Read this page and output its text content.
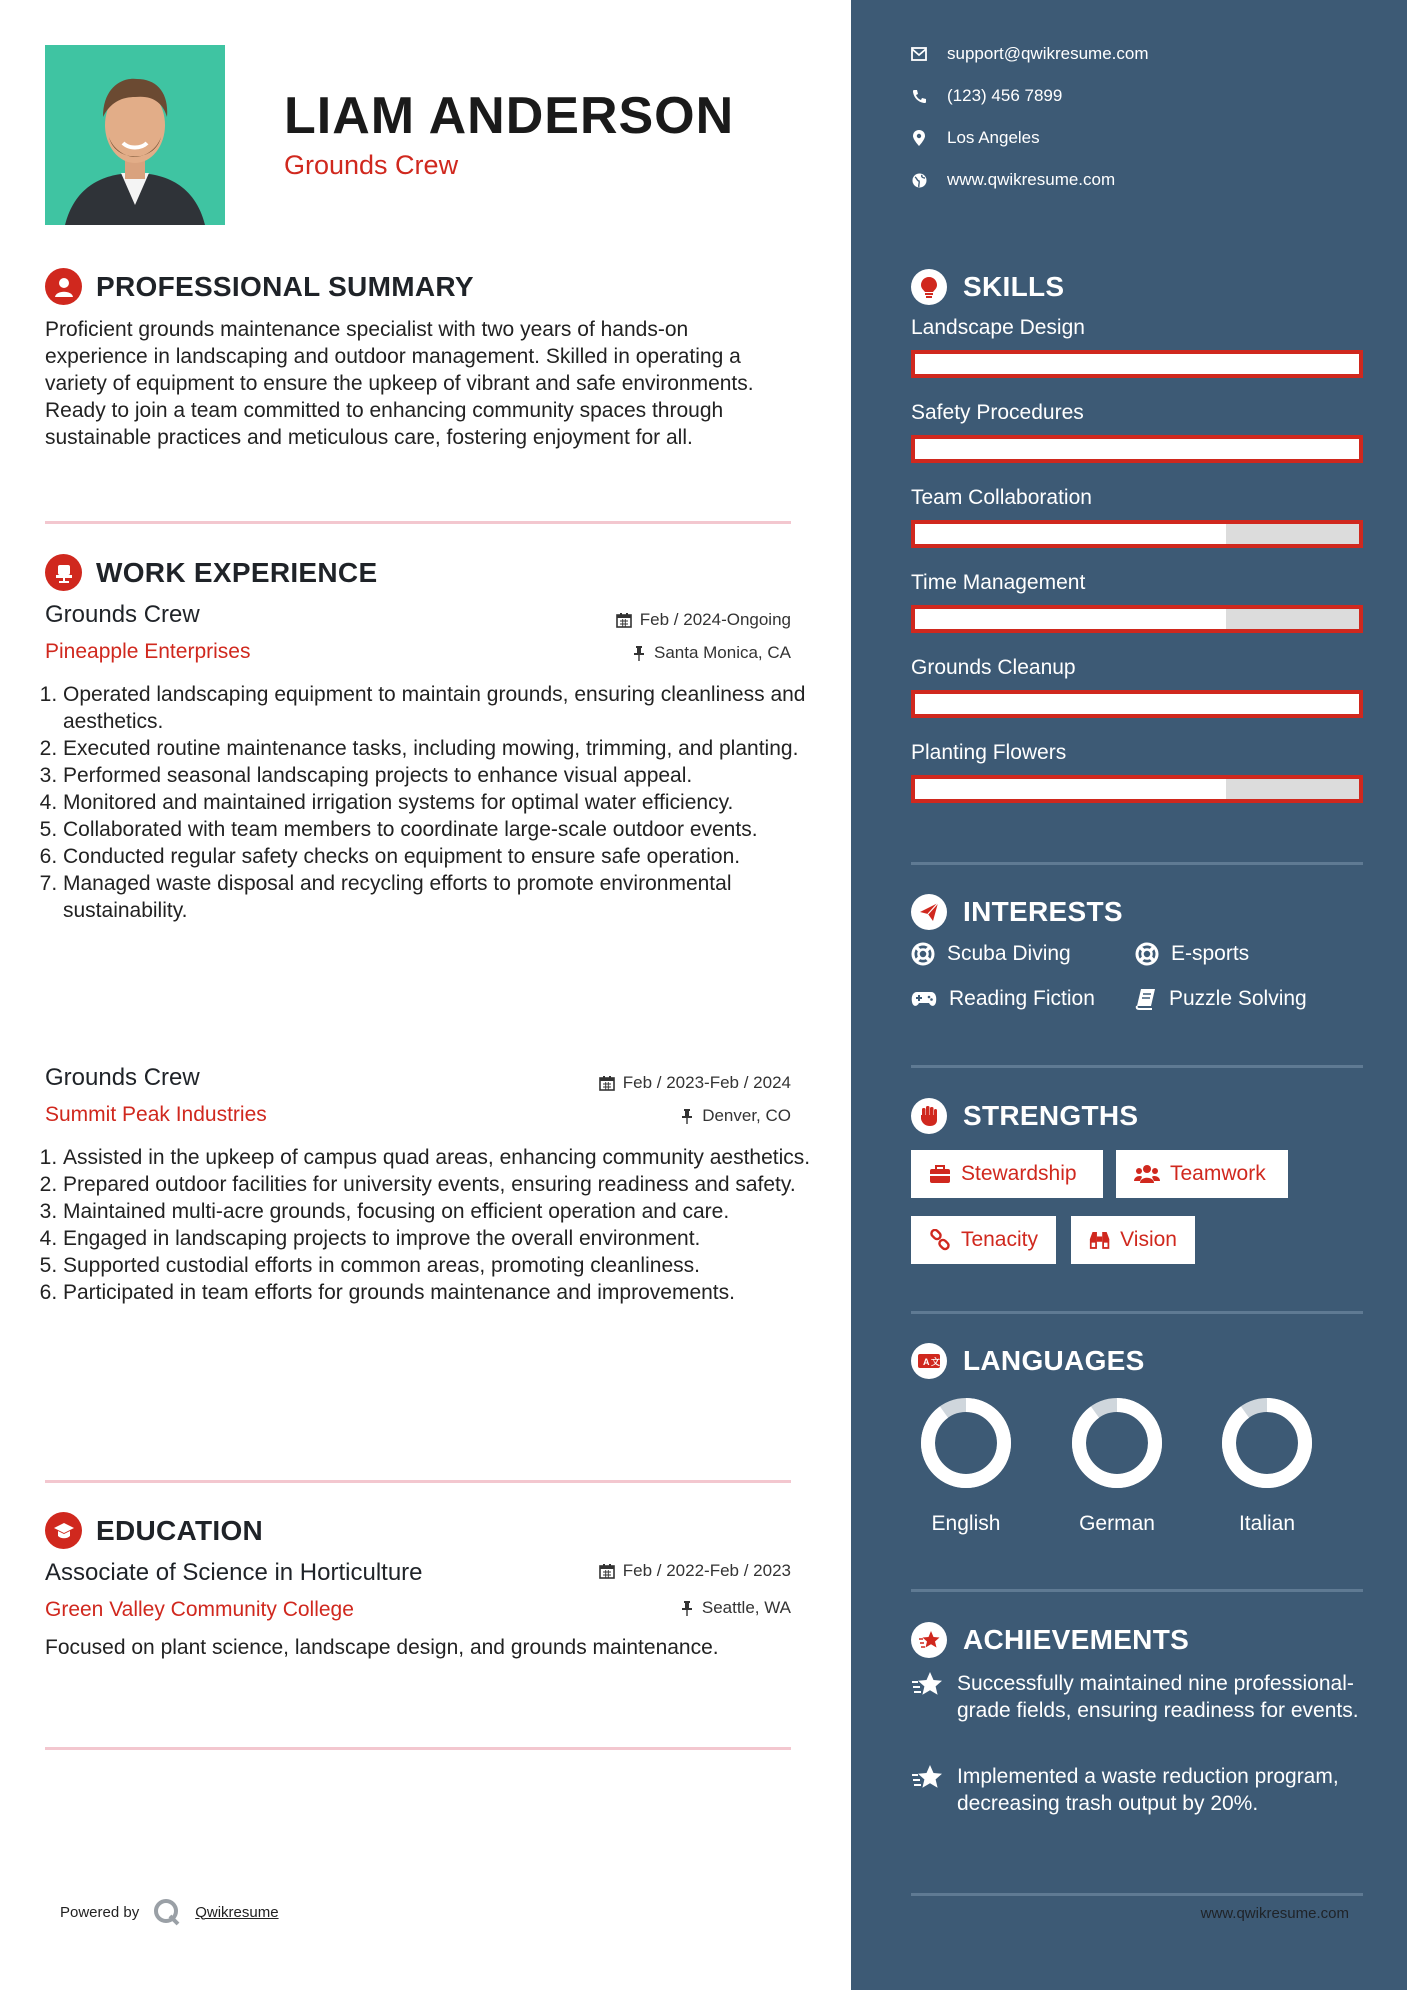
LIAM ANDERSON
Grounds Crew
PROFESSIONAL SUMMARY
Proficient grounds maintenance specialist with two years of hands-on experience in landscaping and outdoor management. Skilled in operating a variety of equipment to ensure the upkeep of vibrant and safe environments. Ready to join a team committed to enhancing community spaces through sustainable practices and meticulous care, fostering enjoyment for all.
WORK EXPERIENCE
Grounds Crew	Feb / 2024-Ongoing
Pineapple Enterprises	Santa Monica, CA
1. Operated landscaping equipment to maintain grounds, ensuring cleanliness and aesthetics.
2. Executed routine maintenance tasks, including mowing, trimming, and planting.
3. Performed seasonal landscaping projects to enhance visual appeal.
4. Monitored and maintained irrigation systems for optimal water efficiency.
5. Collaborated with team members to coordinate large-scale outdoor events.
6. Conducted regular safety checks on equipment to ensure safe operation.
7. Managed waste disposal and recycling efforts to promote environmental sustainability.
Grounds Crew	Feb / 2023-Feb / 2024
Summit Peak Industries	Denver, CO
1. Assisted in the upkeep of campus quad areas, enhancing community aesthetics.
2. Prepared outdoor facilities for university events, ensuring readiness and safety.
3. Maintained multi-acre grounds, focusing on efficient operation and care.
4. Engaged in landscaping projects to improve the overall environment.
5. Supported custodial efforts in common areas, promoting cleanliness.
6. Participated in team efforts for grounds maintenance and improvements.
EDUCATION
Associate of Science in Horticulture	Feb / 2022-Feb / 2023
Green Valley Community College	Seattle, WA
Focused on plant science, landscape design, and grounds maintenance.
Powered by	Qwikresume
support@qwikresume.com
(123) 456 7899
Los Angeles
www.qwikresume.com
SKILLS
Landscape Design
Safety Procedures
Team Collaboration
Time Management
Grounds Cleanup
Planting Flowers
INTERESTS
Scuba Diving	E-sports
Reading Fiction	Puzzle Solving
STRENGTHS
Stewardship	Teamwork
Tenacity	Vision
A 文 LANGUAGES
English	German	Italian
ACHIEVEMENTS
Successfully maintained nine professional-grade fields, ensuring readiness for events.
Implemented a waste reduction program, decreasing trash output by 20%.
www.qwikresume.com
